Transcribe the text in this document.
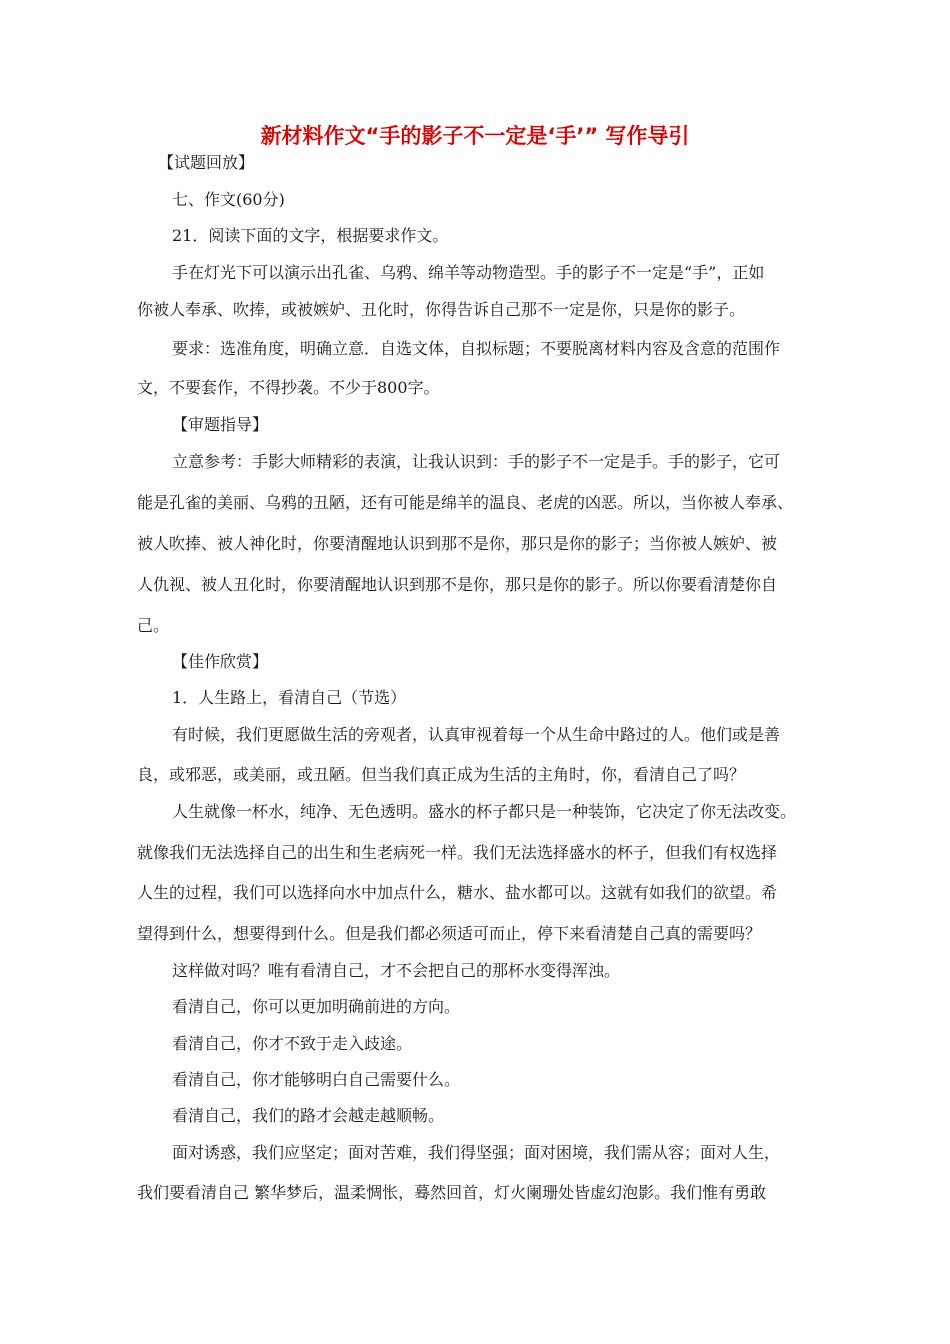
新材料作文“手的影子不一定是‘手’” 写作导引
【试题回放】
七、作文(60分)
21．阅读下面的文字，根据要求作文。
手在灯光下可以演示出孔雀、乌鸦、绵羊等动物造型。手的影子不一定是“手”，正如
你被人奉承、吹捧，或被嫉妒、丑化时，你得告诉自己那不一定是你，只是你的影子。
要求：选准角度，明确立意．自选文体，自拟标题；不要脱离材料内容及含意的范围作
文，不要套作，不得抄袭。不少于800字。
【审题指导】
立意参考：手影大师精彩的表演，让我认识到：手的影子不一定是手。手的影子，它可
能是孔雀的美丽、乌鸦的丑陋，还有可能是绵羊的温良、老虎的凶恶。所以，当你被人奉承、
被人吹捧、被人神化时，你要清醒地认识到那不是你，那只是你的影子；当你被人嫉妒、被
人仇视、被人丑化时，你要清醒地认识到那不是你，那只是你的影子。所以你要看清楚你自
己。
【佳作欣赏】
1．人生路上，看清自己（节选）
有时候，我们更愿做生活的旁观者，认真审视着每一个从生命中路过的人。他们或是善
良，或邪恶，或美丽，或丑陋。但当我们真正成为生活的主角时，你，看清自己了吗？
人生就像一杯水，纯净、无色透明。盛水的杯子都只是一种装饰，它决定了你无法改变。
就像我们无法选择自己的出生和生老病死一样。我们无法选择盛水的杯子，但我们有权选择
人生的过程，我们可以选择向水中加点什么，糖水、盐水都可以。这就有如我们的欲望。希
望得到什么，想要得到什么。但是我们都必须适可而止，停下来看清楚自己真的需要吗？
这样做对吗？唯有看清自己，才不会把自己的那杯水变得浑浊。
看清自己，你可以更加明确前进的方向。
看清自己，你才不致于走入歧途。
看清自己，你才能够明白自己需要什么。
看清自己，我们的路才会越走越顺畅。
面对诱惑，我们应坚定；面对苦难，我们得坚强；面对困境，我们需从容；面对人生，
我们要看清自己 繁华梦后，温柔惆怅，蓦然回首，灯火阑珊处皆虚幻泡影。我们惟有勇敢
